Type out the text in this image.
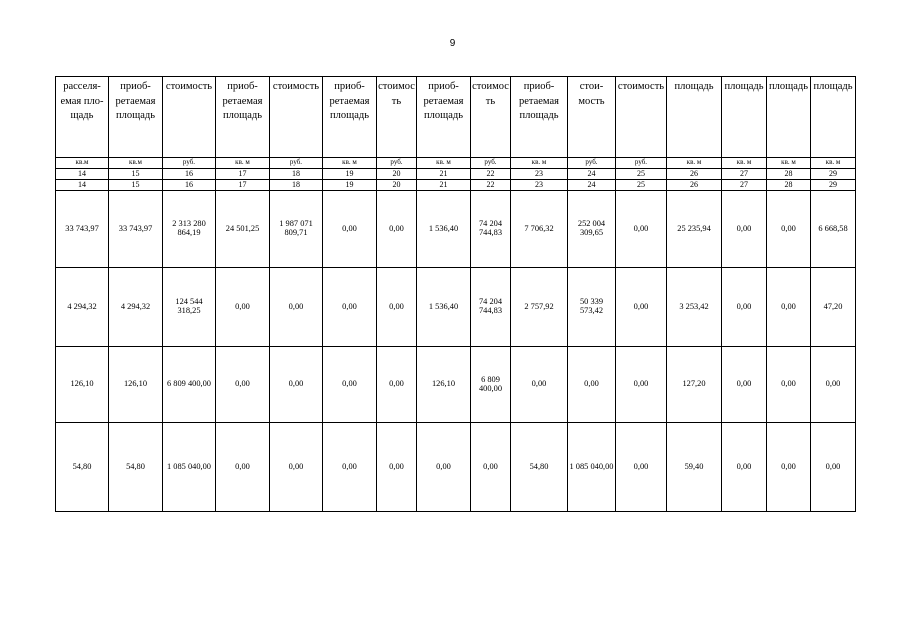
9
расселяемая площадь	приобретаемая площадь	стоимость	приобретаемая площадь	стоимость	приобретаемая площадь	стоимос ть	приобретаемая площадь	стоимос ть	приобретаемая площадь	стоимость	стоимость	площадь	площадь	площадь	площадь
кв.м	кв.м	руб.	кв. м	руб.	кв. м	руб.	кв. м	руб.	кв. м	руб.	руб.	кв. м	кв. м	кв. м	кв. м
14	15	16	17	18	19	20	21	22	23	24	25	26	27	28	29
14	15	16	17	18	19	20	21	22	23	24	25	26	27	28	29
33 743,97	33 743,97	2 313 280 864,19	24 501,25	1 987 071 809,71	0,00	0,00	1 536,40	74 204 744,83	7 706,32	252 004 309,65	0,00	25 235,94	0,00	0,00	6 668,58
4 294,32	4 294,32	124 544 318,25	0,00	0,00	0,00	0,00	1 536,40	74 204 744,83	2 757,92	50 339 573,42	0,00	3 253,42	0,00	0,00	47,20
126,10	126,10	6 809 400,00	0,00	0,00	0,00	0,00	126,10	6 809 400,00	0,00	0,00	0,00	127,20	0,00	0,00	0,00
54,80	54,80	1 085 040,00	0,00	0,00	0,00	0,00	0,00	0,00	54,80	1 085 040,00	0,00	59,40	0,00	0,00	0,00
